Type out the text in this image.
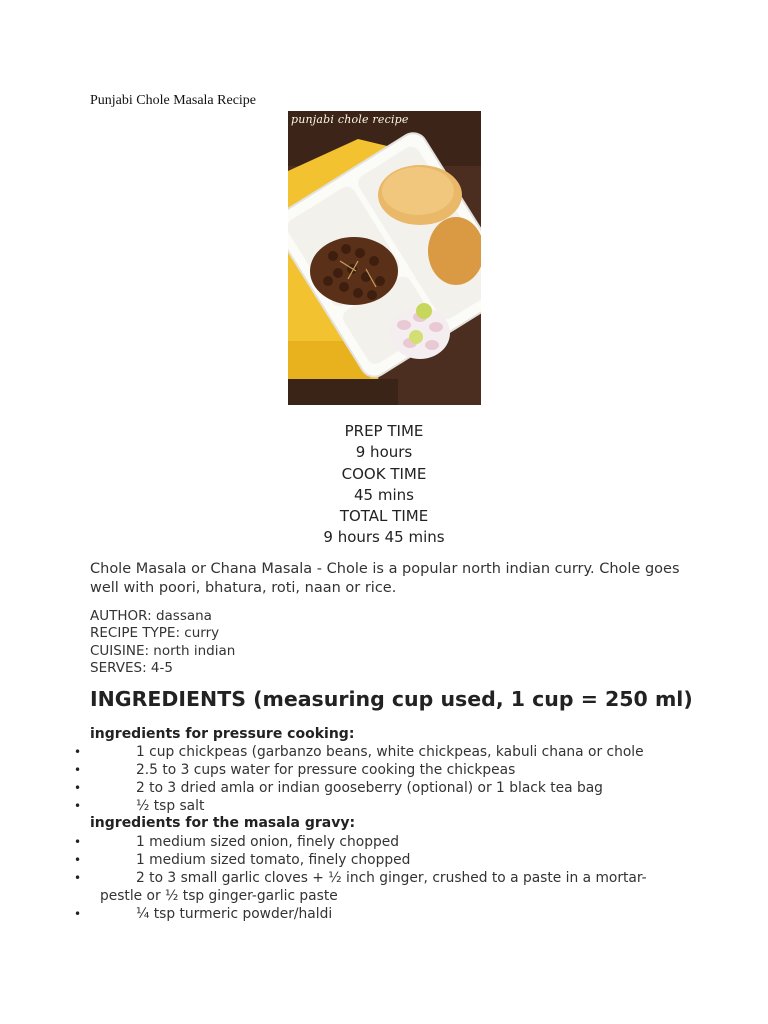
Punjabi Chole Masala Recipe
punjabi chole recipe
PREP TIME
9 hours
COOK TIME
45 mins
TOTAL TIME
9 hours 45 mins
Chole Masala or Chana Masala - Chole is a popular north indian curry. Chole goes well with poori, bhatura, roti, naan or rice.
AUTHOR: dassana
RECIPE TYPE: curry
CUISINE: north indian
SERVES: 4-5
INGREDIENTS (measuring cup used, 1 cup = 250 ml)
ingredients for pressure cooking:
•	1 cup chickpeas (garbanzo beans, white chickpeas, kabuli chana or chole
•	2.5 to 3 cups water for pressure cooking the chickpeas
•	2 to 3 dried amla or indian gooseberry (optional) or 1 black tea bag
•	½ tsp salt
ingredients for the masala gravy:
•	1 medium sized onion, finely chopped
•	1 medium sized tomato, finely chopped
•	2 to 3 small garlic cloves + ½ inch ginger, crushed to a paste in a mortar-pestle or ½ tsp ginger-garlic paste
•	¼ tsp turmeric powder/haldi
